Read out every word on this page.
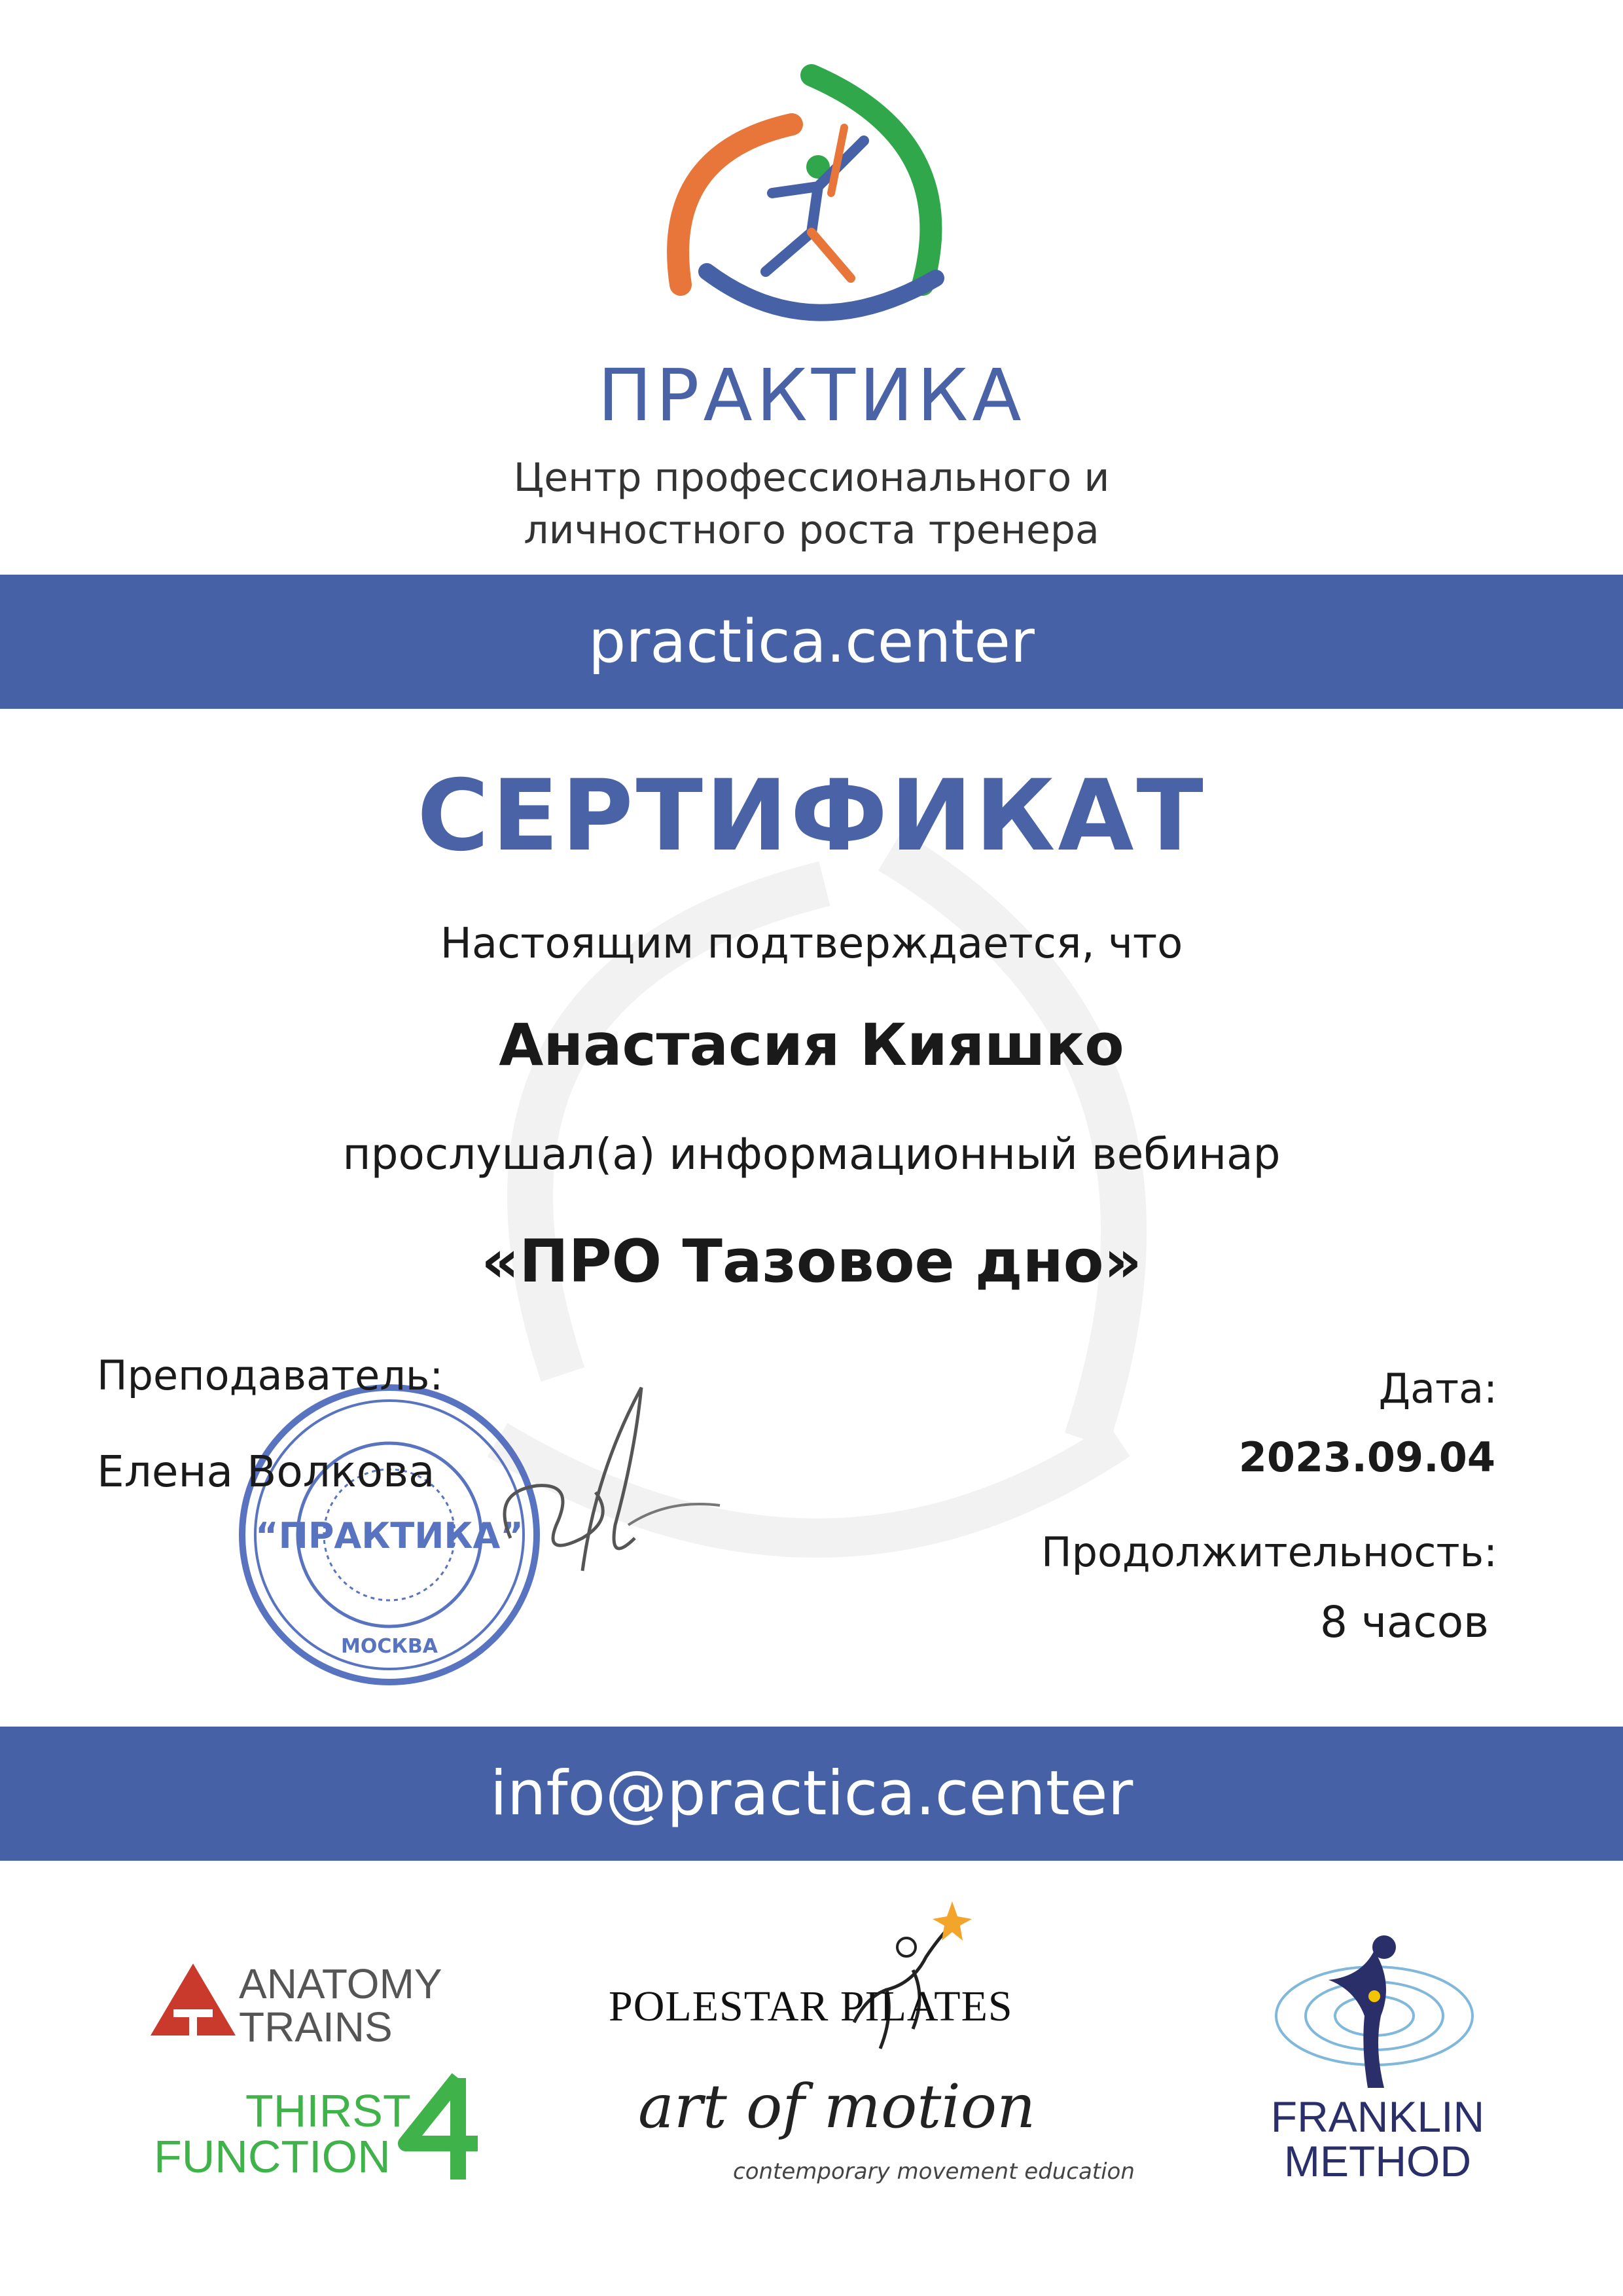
ПРАКТИКА
Центр профессионального и
личностного роста тренера
practica.center
СЕРТИФИКАТ
Настоящим подтверждается, что
Анастасия Кияшко
прослушал(а) информационный вебинар
«ПРО Тазовое дно»
“ПРАКТИКА”
МОСКВА
Преподаватель:
Елена Волкова
Дата:
2023.09.04
Продолжительность:
8 часов
info@practica.center
ANATOMY
TRAINS
THIRST
FUNCTION
POLESTAR PILATES
art of motion
contemporary movement education
FRANKLIN
METHOD
